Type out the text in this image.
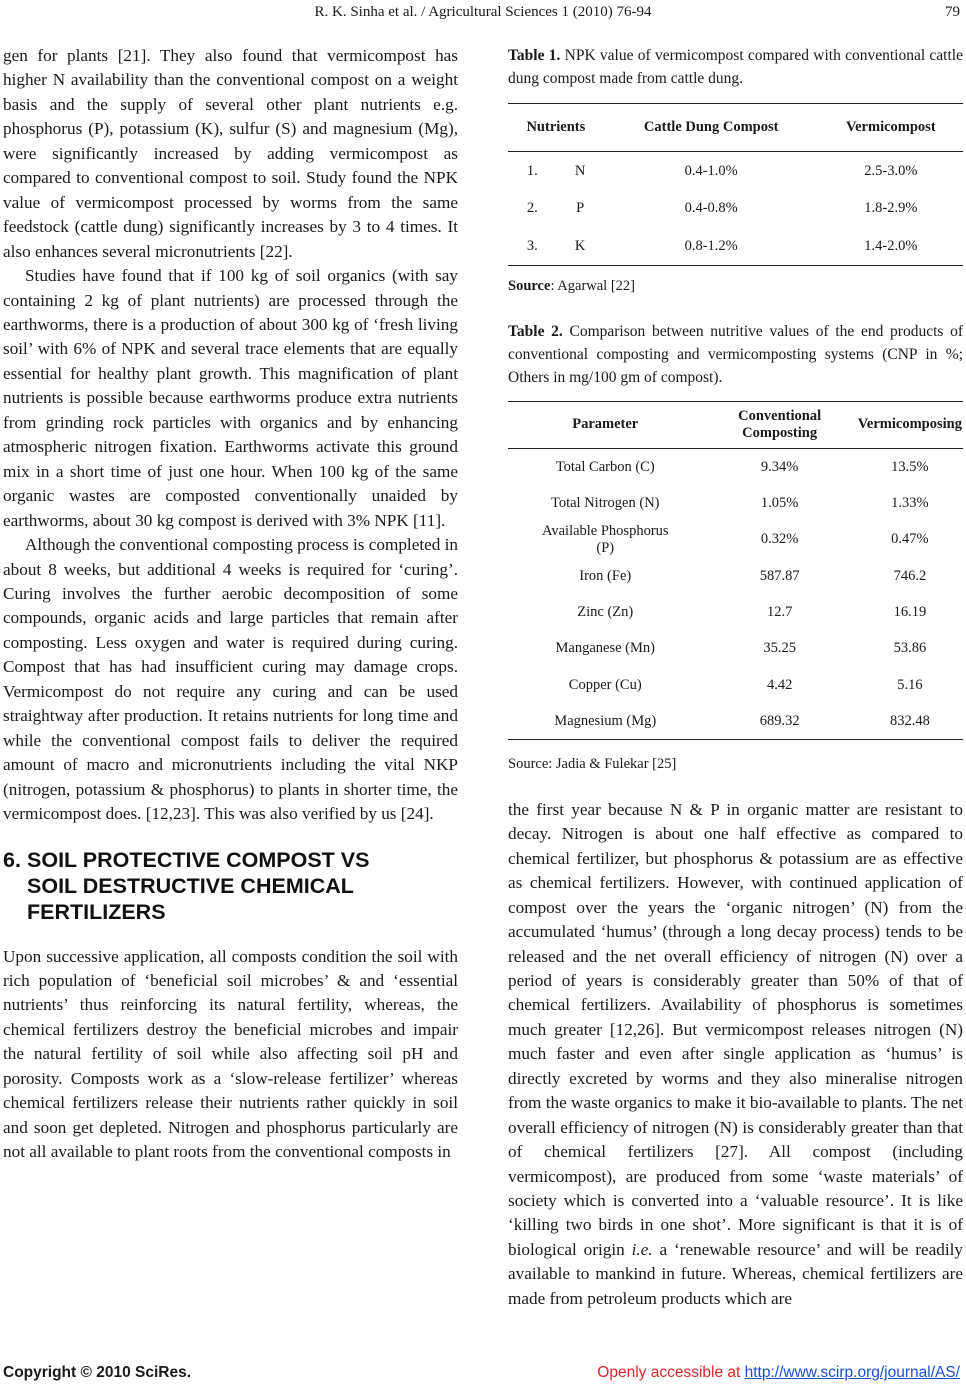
R. K. Sinha et al. / Agricultural Sciences 1 (2010) 76-94	79

gen for plants [21]. They also found that vermicompost has higher N availability than the conventional compost on a weight basis and the supply of several other plant nutrients e.g. phosphorus (P), potassium (K), sulfur (S) and magnesium (Mg), were significantly increased by adding vermicompost as compared to conventional compost to soil. Study found the NPK value of vermicompost processed by worms from the same feedstock (cattle dung) significantly increases by 3 to 4 times. It also enhances several micronutrients [22].

Studies have found that if 100 kg of soil organics (with say containing 2 kg of plant nutrients) are processed through the earthworms, there is a production of about 300 kg of ‘fresh living soil’ with 6% of NPK and several trace elements that are equally essential for healthy plant growth. This magnification of plant nutrients is possible because earthworms produce extra nutrients from grinding rock particles with organics and by enhancing atmospheric nitrogen fixation. Earthworms activate this ground mix in a short time of just one hour. When 100 kg of the same organic wastes are composted conventionally unaided by earthworms, about 30 kg compost is derived with 3% NPK [11].

Although the conventional composting process is completed in about 8 weeks, but additional 4 weeks is required for ‘curing’. Curing involves the further aerobic decomposition of some compounds, organic acids and large particles that remain after composting. Less oxygen and water is required during curing. Compost that has had insufficient curing may damage crops. Vermicompost do not require any curing and can be used straightway after production. It retains nutrients for long time and while the conventional compost fails to deliver the required amount of macro and micronutrients including the vital NKP (nitrogen, potassium & phosphorus) to plants in shorter time, the vermicompost does. [12,23]. This was also verified by us [24].

6. SOIL PROTECTIVE COMPOST VS
SOIL DESTRUCTIVE CHEMICAL
FERTILIZERS

Upon successive application, all composts condition the soil with rich population of ‘beneficial soil microbes’ & and ‘essential nutrients’ thus reinforcing its natural fertility, whereas, the chemical fertilizers destroy the beneficial microbes and impair the natural fertility of soil while also affecting soil pH and porosity. Composts work as a ‘slow-release fertilizer’ whereas chemical fertilizers release their nutrients rather quickly in soil and soon get depleted. Nitrogen and phosphorus particularly are not all available to plant roots from the conventional composts in

Table 1. NPK value of vermicompost compared with conventional cattle dung compost made from cattle dung.
Nutrients		Cattle Dung Compost	Vermicompost
1.	N	0.4-1.0%	2.5-3.0%
2.	P	0.4-0.8%	1.8-2.9%
3.	K	0.8-1.2%	1.4-2.0%
Source: Agarwal [22]
Table 2. Comparison between nutritive values of the end products of conventional composting and vermicomposting systems (CNP in %; Others in mg/100 gm of compost).
Parameter	Conventional Composting	Vermicomposing
Total Carbon (C)	9.34%	13.5%
Total Nitrogen (N)	1.05%	1.33%
Available Phosphorus (P)	0.32%	0.47%
Iron (Fe)	587.87	746.2
Zinc (Zn)	12.7	16.19
Manganese (Mn)	35.25	53.86
Copper (Cu)	4.42	5.16
Magnesium (Mg)	689.32	832.48
Source: Jadia & Fulekar [25]

the first year because N & P in organic matter are resistant to decay. Nitrogen is about one half effective as compared to chemical fertilizer, but phosphorus & potassium are as effective as chemical fertilizers. However, with continued application of compost over the years the ‘organic nitrogen’ (N) from the accumulated ‘humus’ (through a long decay process) tends to be released and the net overall efficiency of nitrogen (N) over a period of years is considerably greater than 50% of that of chemical fertilizers. Availability of phosphorus is sometimes much greater [12,26]. But vermicompost releases nitrogen (N) much faster and even after single application as ‘humus’ is directly excreted by worms and they also mineralise nitrogen from the waste organics to make it bio-available to plants. The net overall efficiency of nitrogen (N) is considerably greater than that of chemical fertilizers [27]. All compost (including vermicompost), are produced from some ‘waste materials’ of society which is converted into a ‘valuable resource’. It is like ‘killing two birds in one shot’. More significant is that it is of biological origin i.e. a ‘renewable resource’ and will be readily available to mankind in future. Whereas, chemical fertilizers are made from petroleum products which are

Copyright © 2010 SciRes.	Openly accessible at http://www.scirp.org/journal/AS/
